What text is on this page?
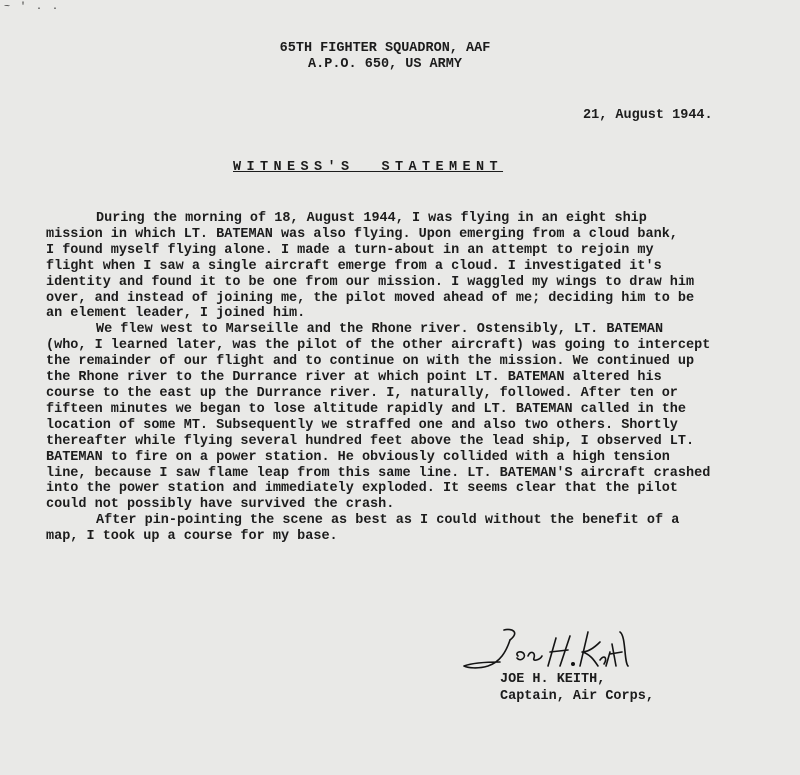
~ ' . .
65TH FIGHTER SQUADRON, AAF
A.P.O. 650, US ARMY
21, August 1944.
WITNESS'S  STATEMENT
During the morning of 18, August 1944, I was flying in an eight ship
mission in which LT. BATEMAN was also flying. Upon emerging from a cloud bank,
I found myself flying alone. I made a turn-about in an attempt to rejoin my
flight when I saw a single aircraft emerge from a cloud. I investigated it's
identity and found it to be one from our mission. I waggled my wings to draw him
over, and instead of joining me, the pilot moved ahead of me; deciding him to be
an element leader, I joined him.
We flew west to Marseille and the Rhone river. Ostensibly, LT. BATEMAN
(who, I learned later, was the pilot of the other aircraft) was going to intercept
the remainder of our flight and to continue on with the mission. We continued up
the Rhone river to the Durrance river at which point LT. BATEMAN altered his
course to the east up the Durrance river. I, naturally, followed. After ten or
fifteen minutes we began to lose altitude rapidly and LT. BATEMAN called in the
location of some MT. Subsequently we straffed one and also two others. Shortly
thereafter while flying several hundred feet above the lead ship, I observed LT.
BATEMAN to fire on a power station. He obviously collided with a high tension
line, because I saw flame leap from this same line. LT. BATEMAN'S aircraft crashed
into the power station and immediately exploded. It seems clear that the pilot
could not possibly have survived the crash.
After pin-pointing the scene as best as I could without the benefit of a
map, I took up a course for my base.
JOE H. KEITH,
Captain, Air Corps,
